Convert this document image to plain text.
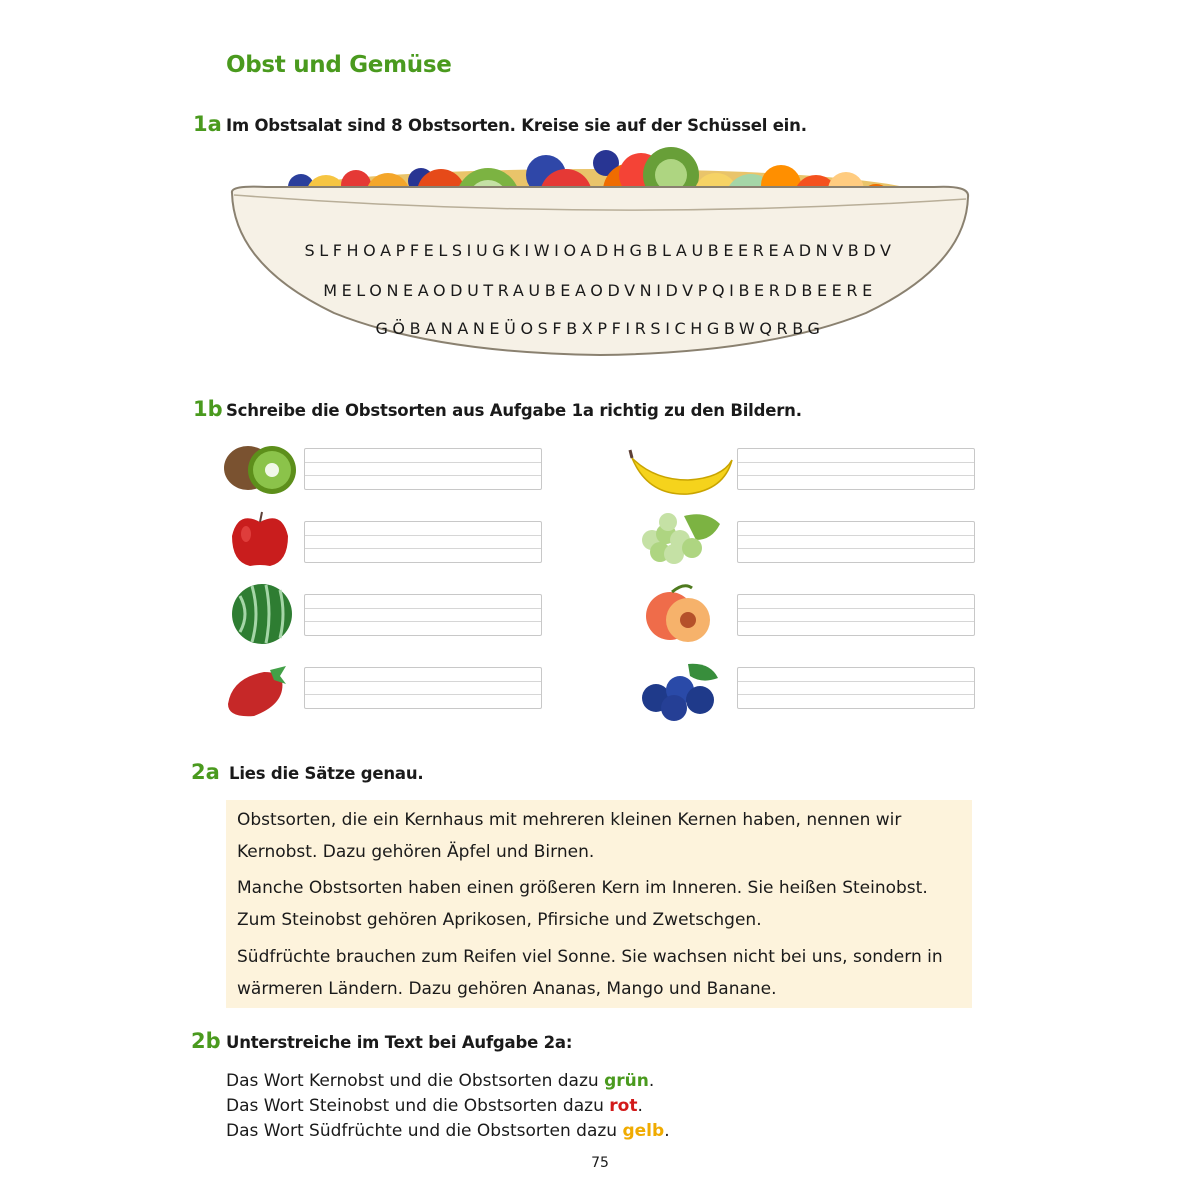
Obst und Gemüse
1a Im Obstsalat sind 8 Obstsorten. Kreise sie auf der Schüssel ein.
SLFHOAPFELSIUGKIWIOADHGBLAUBEEREADNVBDV
MELONEAODUTRAUBEAODVNIDVPQIBERDBEERE
GÖBANANEÜOSFBXPFIRSICHGBWQRBG
1b Schreibe die Obstsorten aus Aufgabe 1a richtig zu den Bildern.
2a Lies die Sätze genau.
Obstsorten, die ein Kernhaus mit mehreren kleinen Kernen haben, nennen wir Kernobst. Dazu gehören Äpfel und Birnen.
Manche Obstsorten haben einen größeren Kern im Inneren. Sie heißen Steinobst. Zum Steinobst gehören Aprikosen, Pfirsiche und Zwetschgen.
Südfrüchte brauchen zum Reifen viel Sonne. Sie wachsen nicht bei uns, sondern in wärmeren Ländern. Dazu gehören Ananas, Mango und Banane.
2b Unterstreiche im Text bei Aufgabe 2a:
Das Wort Kernobst und die Obstsorten dazu grün.
Das Wort Steinobst und die Obstsorten dazu rot.
Das Wort Südfrüchte und die Obstsorten dazu gelb.
75
